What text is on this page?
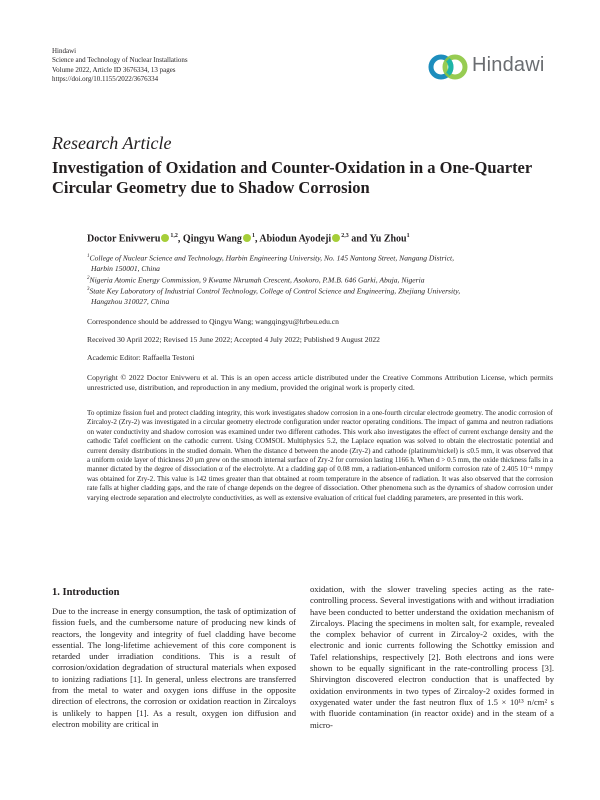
Hindawi
Science and Technology of Nuclear Installations
Volume 2022, Article ID 3676334, 13 pages
https://doi.org/10.1155/2022/3676334
Hindawi
Research Article
Investigation of Oxidation and Counter-Oxidation in a One-Quarter Circular Geometry due to Shadow Corrosion
Doctor Enivweru $^{1,2}$, Qingyu Wang $^1$, Abiodun Ayodeji $^{2,3}$ and Yu Zhou$^1$
$^1$College of Nuclear Science and Technology, Harbin Engineering University, No. 145 Nantong Street, Nangang District,
Harbin 150001, China
$^2$Nigeria Atomic Energy Commission, 9 Kwame Nkrumah Crescent, Asokoro, P.M.B. 646 Garki, Abuja, Nigeria
$^3$State Key Laboratory of Industrial Control Technology, College of Control Science and Engineering, Zhejiang University,
Hangzhou 310027, China
Correspondence should be addressed to Qingyu Wang; wangqingyu@hrbeu.edu.cn
Received 30 April 2022; Revised 15 June 2022; Accepted 4 July 2022; Published 9 August 2022
Academic Editor: Raffaella Testoni
Copyright © 2022 Doctor Enivweru et al. This is an open access article distributed under the Creative Commons Attribution License, which permits unrestricted use, distribution, and reproduction in any medium, provided the original work is properly cited.
To optimize fission fuel and protect cladding integrity, this work investigates shadow corrosion in a one-fourth circular electrode geometry. The anodic corrosion of Zircaloy-2 (Zry-2) was investigated in a circular geometry electrode configuration under reactor operating conditions. The impact of gamma and neutron radiations on water conductivity and shadow corrosion was examined under two different cathodes. This work also investigates the effect of current exchange density and the cathodic Tafel coefficient on the cathodic current. Using COMSOL Multiphysics 5.2, the Laplace equation was solved to obtain the electrostatic potential and current density distributions in the studied domain. When the distance d between the anode (Zry-2) and cathode (platinum/nickel) is ≤0.5 mm, it was observed that a uniform oxide layer of thickness 20 µm grew on the smooth internal surface of Zry-2 for corrosion lasting 1166 h. When d > 0.5 mm, the oxide thickness falls in a manner dictated by the degree of dissociation α of the electrolyte. At a cladding gap of 0.08 mm, a radiation-enhanced uniform corrosion rate of 2.405 10⁻¹ mmpy was obtained for Zry-2. This value is 142 times greater than that obtained at room temperature in the absence of radiation. It was also observed that the corrosion rate falls at higher cladding gaps, and the rate of change depends on the degree of dissociation. Other phenomena such as the dynamics of shadow corrosion under varying electrode separation and electrolyte conductivities, as well as extensive evaluation of critical fuel cladding parameters, are presented in this work.
1. Introduction

Due to the increase in energy consumption, the task of optimization of fission fuels, and the cumbersome nature of producing new kinds of reactors, the longevity and integrity of fuel cladding have become essential. The long-lifetime achievement of this core component is retarded under irradiation conditions. This is a result of corrosion/oxidation degradation of structural materials when exposed to ionizing radiations [1]. In general, unless electrons are transferred from the metal to water and oxygen ions diffuse in the opposite direction of electrons, the corrosion or oxidation reaction in Zircaloys is unlikely to happen [1]. As a result, oxygen ion diffusion and electron mobility are critical in

oxidation, with the slower traveling species acting as the rate-controlling process. Several investigations with and without irradiation have been conducted to better understand the oxidation mechanism of Zircaloys. Placing the specimens in molten salt, for example, revealed the complex behavior of current in Zircaloy-2 oxides, with the electronic and ionic currents following the Schottky emission and Tafel relationships, respectively [2]. Both electrons and ions were shown to be equally significant in the rate-controlling process [3]. Shirvington discovered electron conduction that is unaffected by oxidation environments in two types of Zircaloy-2 oxides formed in oxygenated water under the fast neutron flux of 1.5 × 10¹³ n/cm² s with fluoride contamination (in reactor oxide) and in the steam of a micro-
